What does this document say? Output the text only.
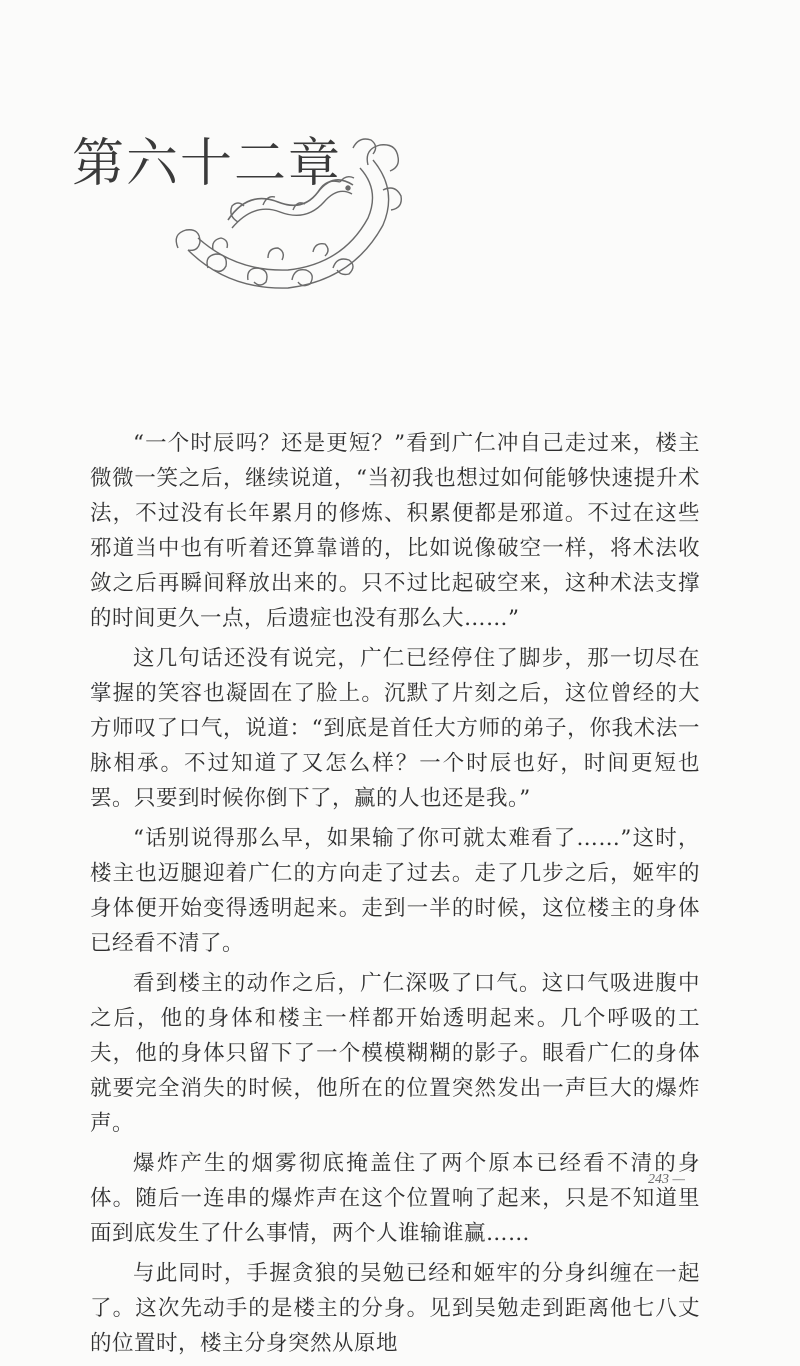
第六十二章

“一个时辰吗？还是更短？”看到广仁冲自己走过来，楼主微微一笑之后，继续说道，“当初我也想过如何能够快速提升术法，不过没有长年累月的修炼、积累便都是邪道。不过在这些邪道当中也有听着还算靠谱的，比如说像破空一样，将术法收敛之后再瞬间释放出来的。只不过比起破空来，这种术法支撑的时间更久一点，后遗症也没有那么大……”

这几句话还没有说完，广仁已经停住了脚步，那一切尽在掌握的笑容也凝固在了脸上。沉默了片刻之后，这位曾经的大方师叹了口气，说道：“到底是首任大方师的弟子，你我术法一脉相承。不过知道了又怎么样？一个时辰也好，时间更短也罢。只要到时候你倒下了，赢的人也还是我。”

“话别说得那么早，如果输了你可就太难看了……”这时，楼主也迈腿迎着广仁的方向走了过去。走了几步之后，姬牢的身体便开始变得透明起来。走到一半的时候，这位楼主的身体已经看不清了。

看到楼主的动作之后，广仁深吸了口气。这口气吸进腹中之后，他的身体和楼主一样都开始透明起来。几个呼吸的工夫，他的身体只留下了一个模模糊糊的影子。眼看广仁的身体就要完全消失的时候，他所在的位置突然发出一声巨大的爆炸声。

爆炸产生的烟雾彻底掩盖住了两个原本已经看不清的身体。随后一连串的爆炸声在这个位置响了起来，只是不知道里面到底发生了什么事情，两个人谁输谁赢……

与此同时，手握贪狼的吴勉已经和姬牢的分身纠缠在一起了。这次先动手的是楼主的分身。见到吴勉走到距离他七八丈的位置时，楼主分身突然从原地

243 —
